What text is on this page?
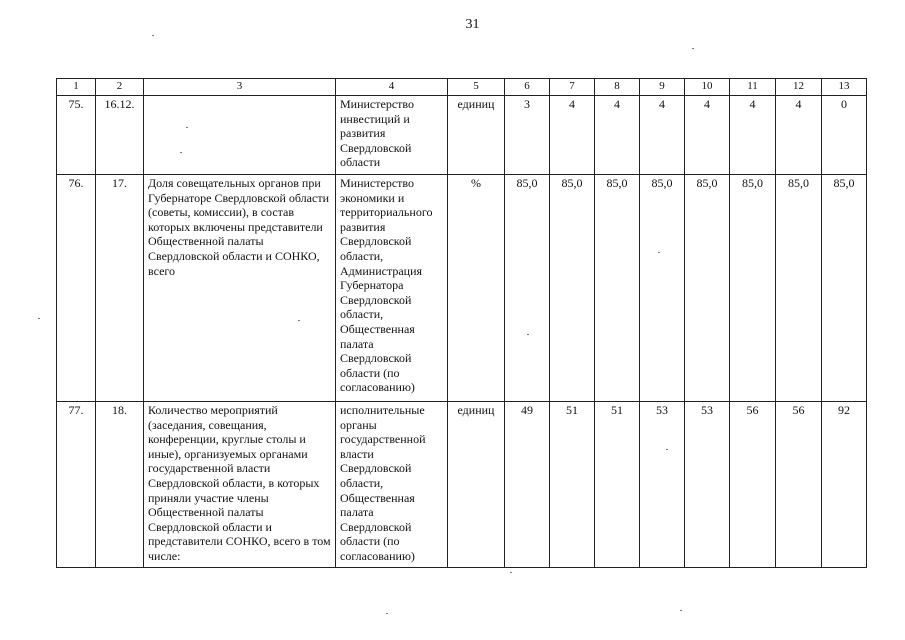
31
1	2	3	4	5	6	7	8	9	10	11	12	13
75.	16.12.		Министерство инвестиций и развития Свердловской области	единиц	3	4	4	4	4	4	4	0
76.	17.	Доля совещательных органов при Губернаторе Свердловской области (советы, комиссии), в состав которых включены представители Общественной палаты Свердловской области и СОНКО, всего	Министерство экономики и территориального развития Свердловской области, Администрация Губернатора Свердловской области, Общественная палата Свердловской области (по согласованию)	%	85,0	85,0	85,0	85,0	85,0	85,0	85,0	85,0
77.	18.	Количество мероприятий (заседания, совещания, конференции, круглые столы и иные), организуемых органами государственной власти Свердловской области, в которых приняли участие члены Общественной палаты Свердловской области и представители СОНКО, всего в том числе:	исполнительные органы государственной власти Свердловской области, Общественная палата Свердловской области (по согласованию)	единиц	49	51	51	53	53	56	56	92
